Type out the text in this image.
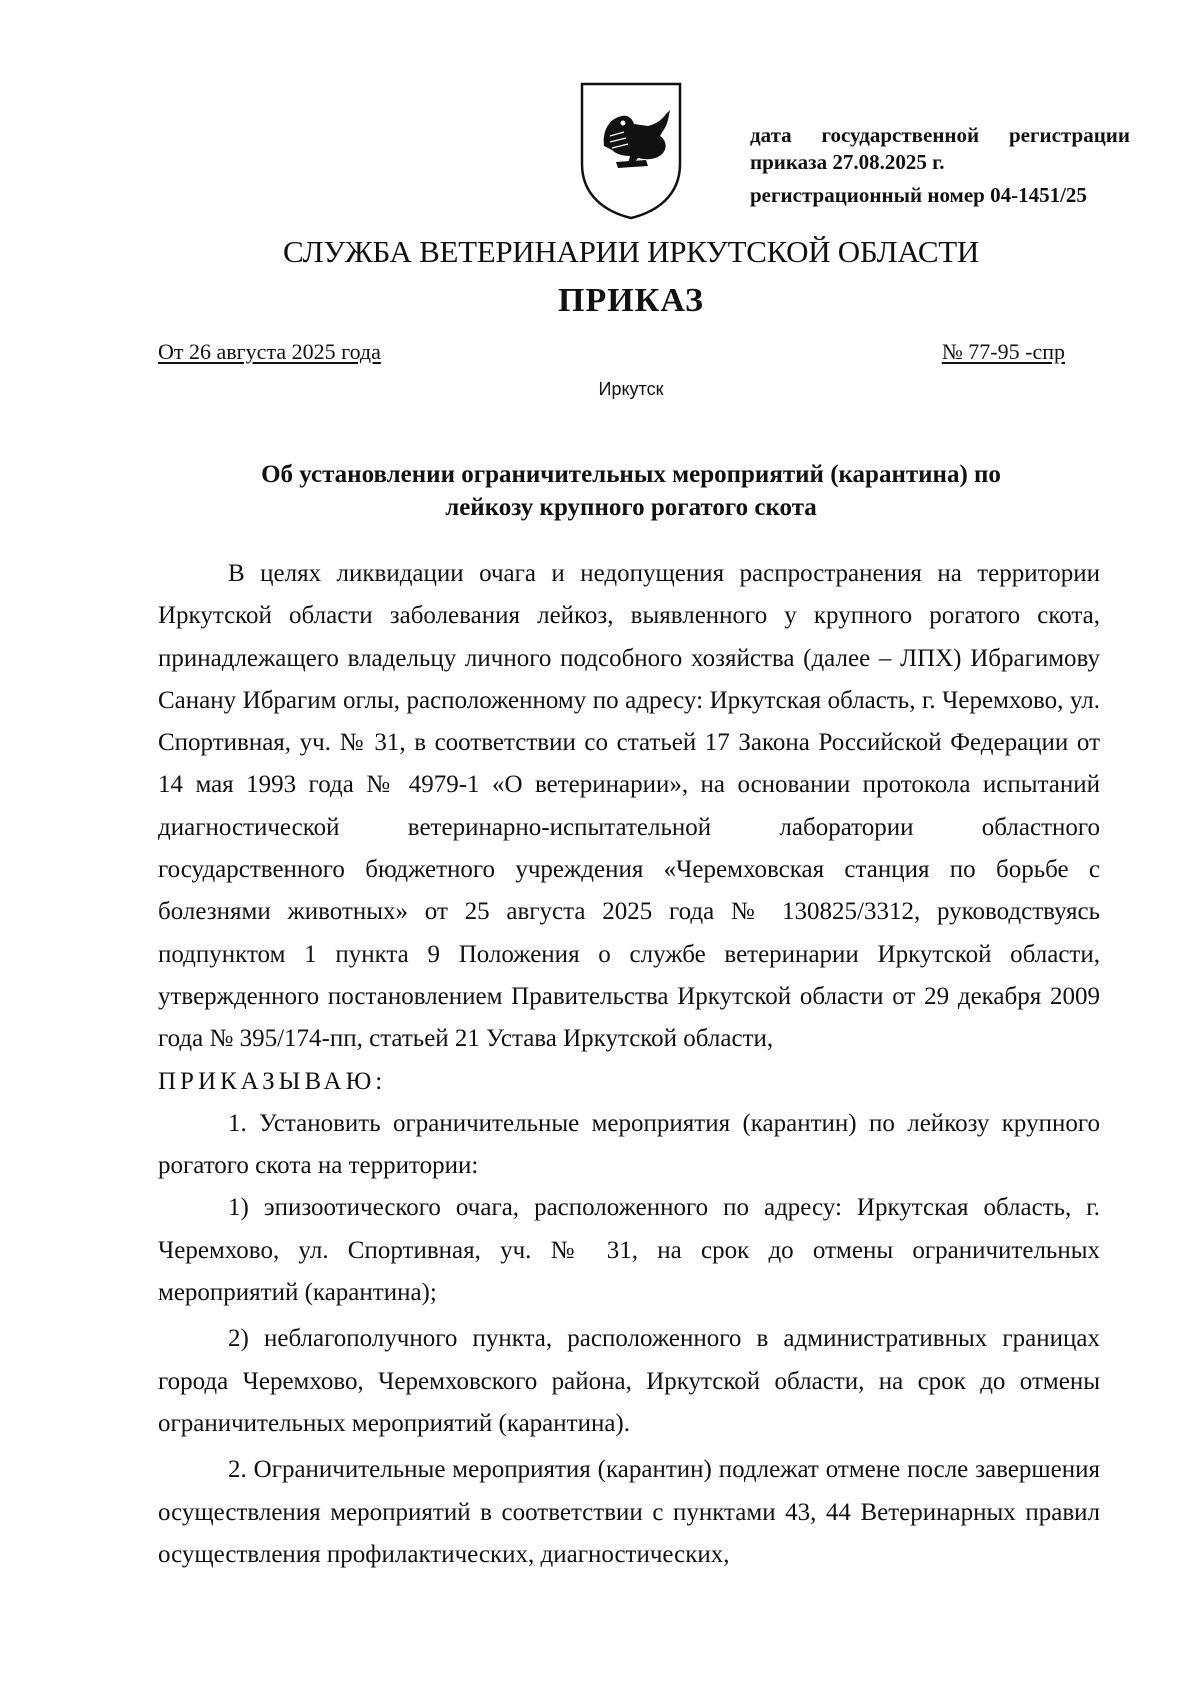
дата государственной регистрации
приказа 27.08.2025 г.
регистрационный номер 04-1451/25
СЛУЖБА ВЕТЕРИНАРИИ ИРКУТСКОЙ ОБЛАСТИ
ПРИКАЗ
От 26 августа 2025 года	№ 77-95 -спр
Иркутск
Об установлении ограничительных мероприятий (карантина) по
лейкозу крупного рогатого скота

В целях ликвидации очага и недопущения распространения на территории Иркутской области заболевания лейкоз, выявленного у крупного рогатого скота, принадлежащего владельцу личного подсобного хозяйства (далее – ЛПХ) Ибрагимову Санану Ибрагим оглы, расположенному по адресу: Иркутская область, г. Черемхово, ул. Спортивная, уч. № 31, в соответствии со статьей 17 Закона Российской Федерации от 14 мая 1993 года № 4979-1 «О ветеринарии», на основании протокола испытаний диагностической ветеринарно-испытательной лаборатории областного государственного бюджетного учреждения «Черемховская станция по борьбе с болезнями животных» от 25 августа 2025 года № 130825/3312, руководствуясь подпунктом 1 пункта 9 Положения о службе ветеринарии Иркутской области, утвержденного постановлением Правительства Иркутской области от 29 декабря 2009 года № 395/174-пп, статьей 21 Устава Иркутской области,

ПРИКАЗЫВАЮ:

1. Установить ограничительные мероприятия (карантин) по лейкозу крупного рогатого скота на территории:

1) эпизоотического очага, расположенного по адресу: Иркутская область, г. Черемхово, ул. Спортивная, уч. № 31, на срок до отмены ограничительных мероприятий (карантина);

2) неблагополучного пункта, расположенного в административных границах города Черемхово, Черемховского района, Иркутской области, на срок до отмены ограничительных мероприятий (карантина).

2. Ограничительные мероприятия (карантин) подлежат отмене после завершения осуществления мероприятий в соответствии с пунктами 43, 44 Ветеринарных правил осуществления профилактических, диагностических,
